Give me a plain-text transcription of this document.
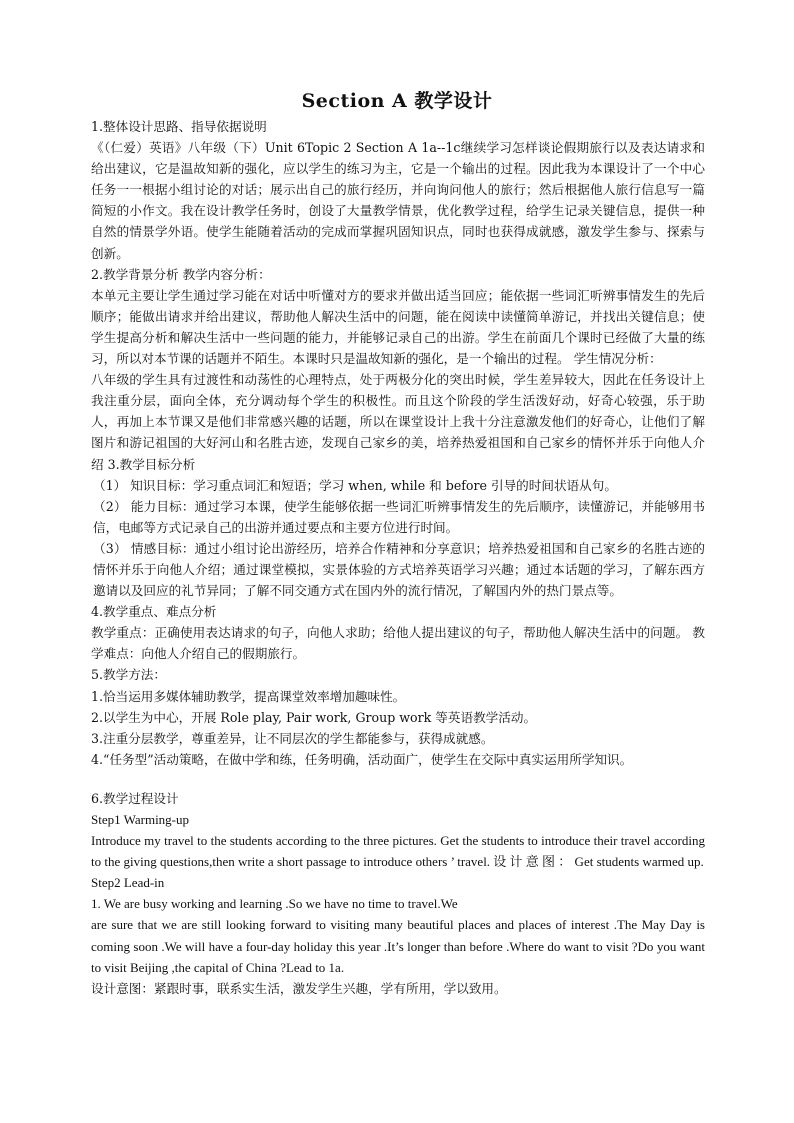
Section A 教学设计

1.整体设计思路、指导依据说明

《（仁爱）英语》八年级（下）Unit 6Topic 2 Section A 1a--1c继续学习怎样谈论假期旅行以及表达请求和给出建议，它是温故知新的强化，应以学生的练习为主，它是一个输出的过程。因此我为本课设计了一个中心任务一一根据小组讨论的对话；展示出自己的旅行经历，并向询问他人的旅行；然后根据他人旅行信息写一篇简短的小作文。我在设计教学任务时，创设了大量教学情景，优化教学过程，给学生记录关键信息，提供一种自然的情景学外语。使学生能随着活动的完成而掌握巩固知识点，同时也获得成就感，激发学生参与、探索与创新。

2.教学背景分析 教学内容分析：

本单元主要让学生通过学习能在对话中听懂对方的要求并做出适当回应；能依据一些词汇听辨事情发生的先后顺序；能做出请求并给出建议，帮助他人解决生活中的问题，能在阅读中读懂简单游记，并找出关键信息；使学生提高分析和解决生活中一些问题的能力，并能够记录自己的出游。学生在前面几个课时已经做了大量的练习，所以对本节课的话题并不陌生。本课时只是温故知新的强化，是一个输出的过程。 学生情况分析：

八年级的学生具有过渡性和动荡性的心理特点，处于两极分化的突出时候，学生差异较大，因此在任务设计上我注重分层，面向全体，充分调动每个学生的积极性。而且这个阶段的学生活泼好动，好奇心较强，乐于助人，再加上本节课又是他们非常感兴趣的话题，所以在课堂设计上我十分注意激发他们的好奇心，让他们了解图片和游记祖国的大好河山和名胜古迹，发现自己家乡的美，培养热爱祖国和自己家乡的情怀并乐于向他人介绍 3.教学目标分析

（1） 知识目标：学习重点词汇和短语；学习 when, while 和 before 引导的时间状语从句。

（2） 能力目标：通过学习本课，使学生能够依据一些词汇听辨事情发生的先后顺序，读懂游记，并能够用书信，电邮等方式记录自己的出游并通过要点和主要方位进行时间。

（3） 情感目标：通过小组讨论出游经历，培养合作精神和分享意识；培养热爱祖国和自己家乡的名胜古迹的情怀并乐于向他人介绍；通过课堂模拟，实景体验的方式培养英语学习兴趣；通过本话题的学习，了解东西方邀请以及回应的礼节异同；了解不同交通方式在国内外的流行情况，了解国内外的热门景点等。

4.教学重点、难点分析

教学重点：正确使用表达请求的句子，向他人求助；给他人提出建议的句子，帮助他人解决生活中的问题。 教学难点：向他人介绍自己的假期旅行。

5.教学方法：

1.恰当运用多媒体辅助教学，提高课堂效率增加趣味性。

2.以学生为中心，开展 Role play, Pair work, Group work 等英语教学活动。

3.注重分层教学，尊重差异，让不同层次的学生都能参与，获得成就感。

4.“任务型”活动策略，在做中学和练，任务明确，活动面广，使学生在交际中真实运用所学知识。

6.教学过程设计

Step1 Warming-up

Introduce my travel to the students according to the three pictures. Get the students to introduce their travel according to the giving questions,then write a short passage to introduce others ’ travel. 设 计 意 图 ： Get students warmed up.

Step2 Lead-in

1. We are busy working and learning .So we have no time to travel.We

are sure that we are still looking forward to visiting many beautiful places and places of interest .The May Day is coming soon .We will have a four-day holiday this year .It’s longer than before .Where do want to visit ?Do you want to visit Beijing ,the capital of China ?Lead to 1a.

设计意图：紧跟时事，联系实生活，激发学生兴趣，学有所用，学以致用。
